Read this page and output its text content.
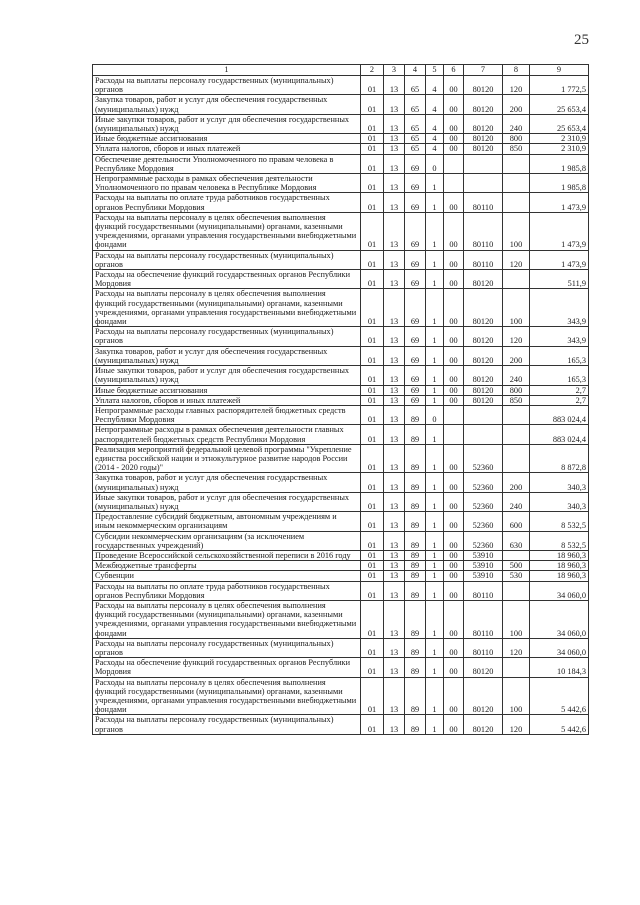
25
1	2	3	4	5	6	7	8	9
Расходы на выплаты персоналу государственных (муниципальных) органов	01	13	65	4	00	80120	120	1 772,5
Закупка товаров, работ и услуг для обеспечения государственных (муниципальных) нужд	01	13	65	4	00	80120	200	25 653,4
Иные закупки товаров, работ и услуг для обеспечения государственных (муниципальных) нужд	01	13	65	4	00	80120	240	25 653,4
Иные бюджетные ассигнования	01	13	65	4	00	80120	800	2 310,9
Уплата налогов, сборов и иных платежей	01	13	65	4	00	80120	850	2 310,9
Обеспечение деятельности Уполномоченного по правам человека в Республике Мордовия	01	13	69	0				1 985,8
Непрограммные расходы в рамках обеспечения деятельности Уполномоченного по правам человека в Республике Мордовия	01	13	69	1				1 985,8
Расходы на выплаты по оплате труда работников государственных органов Республики Мордовия	01	13	69	1	00	80110		1 473,9
Расходы на выплаты персоналу в целях обеспечения выполнения функций государственными (муниципальными) органами, казенными учреждениями, органами управления государственными внебюджетными фондами	01	13	69	1	00	80110	100	1 473,9
Расходы на выплаты персоналу государственных (муниципальных) органов	01	13	69	1	00	80110	120	1 473,9
Расходы на обеспечение функций государственных органов Республики Мордовия	01	13	69	1	00	80120		511,9
Расходы на выплаты персоналу в целях обеспечения выполнения функций государственными (муниципальными) органами, казенными учреждениями, органами управления государственными внебюджетными фондами	01	13	69	1	00	80120	100	343,9
Расходы на выплаты персоналу государственных (муниципальных) органов	01	13	69	1	00	80120	120	343,9
Закупка товаров, работ и услуг для обеспечения государственных (муниципальных) нужд	01	13	69	1	00	80120	200	165,3
Иные закупки товаров, работ и услуг для обеспечения государственных (муниципальных) нужд	01	13	69	1	00	80120	240	165,3
Иные бюджетные ассигнования	01	13	69	1	00	80120	800	2,7
Уплата налогов, сборов и иных платежей	01	13	69	1	00	80120	850	2,7
Непрограммные расходы главных распорядителей бюджетных средств Республики Мордовия	01	13	89	0				883 024,4
Непрограммные расходы в рамках обеспечения деятельности главных распорядителей бюджетных средств Республики Мордовия	01	13	89	1				883 024,4
Реализация мероприятий федеральной целевой программы "Укрепление единства российской нации и этнокультурное развитие народов России (2014 - 2020 годы)"	01	13	89	1	00	52360		8 872,8
Закупка товаров, работ и услуг для обеспечения государственных (муниципальных) нужд	01	13	89	1	00	52360	200	340,3
Иные закупки товаров, работ и услуг для обеспечения государственных (муниципальных) нужд	01	13	89	1	00	52360	240	340,3
Предоставление субсидий бюджетным, автономным учреждениям и иным некоммерческим организациям	01	13	89	1	00	52360	600	8 532,5
Субсидии некоммерческим организациям (за исключением государственных учреждений)	01	13	89	1	00	52360	630	8 532,5
Проведение Всероссийской сельскохозяйственной переписи в 2016 году	01	13	89	1	00	53910		18 960,3
Межбюджетные трансферты	01	13	89	1	00	53910	500	18 960,3
Субвенции	01	13	89	1	00	53910	530	18 960,3
Расходы на выплаты по оплате труда работников государственных органов Республики Мордовия	01	13	89	1	00	80110		34 060,0
Расходы на выплаты персоналу в целях обеспечения выполнения функций государственными (муниципальными) органами, казенными учреждениями, органами управления государственными внебюджетными фондами	01	13	89	1	00	80110	100	34 060,0
Расходы на выплаты персоналу государственных (муниципальных) органов	01	13	89	1	00	80110	120	34 060,0
Расходы на обеспечение функций государственных органов Республики Мордовия	01	13	89	1	00	80120		10 184,3
Расходы на выплаты персоналу в целях обеспечения выполнения функций государственными (муниципальными) органами, казенными учреждениями, органами управления государственными внебюджетными фондами	01	13	89	1	00	80120	100	5 442,6
Расходы на выплаты персоналу государственных (муниципальных) органов	01	13	89	1	00	80120	120	5 442,6
